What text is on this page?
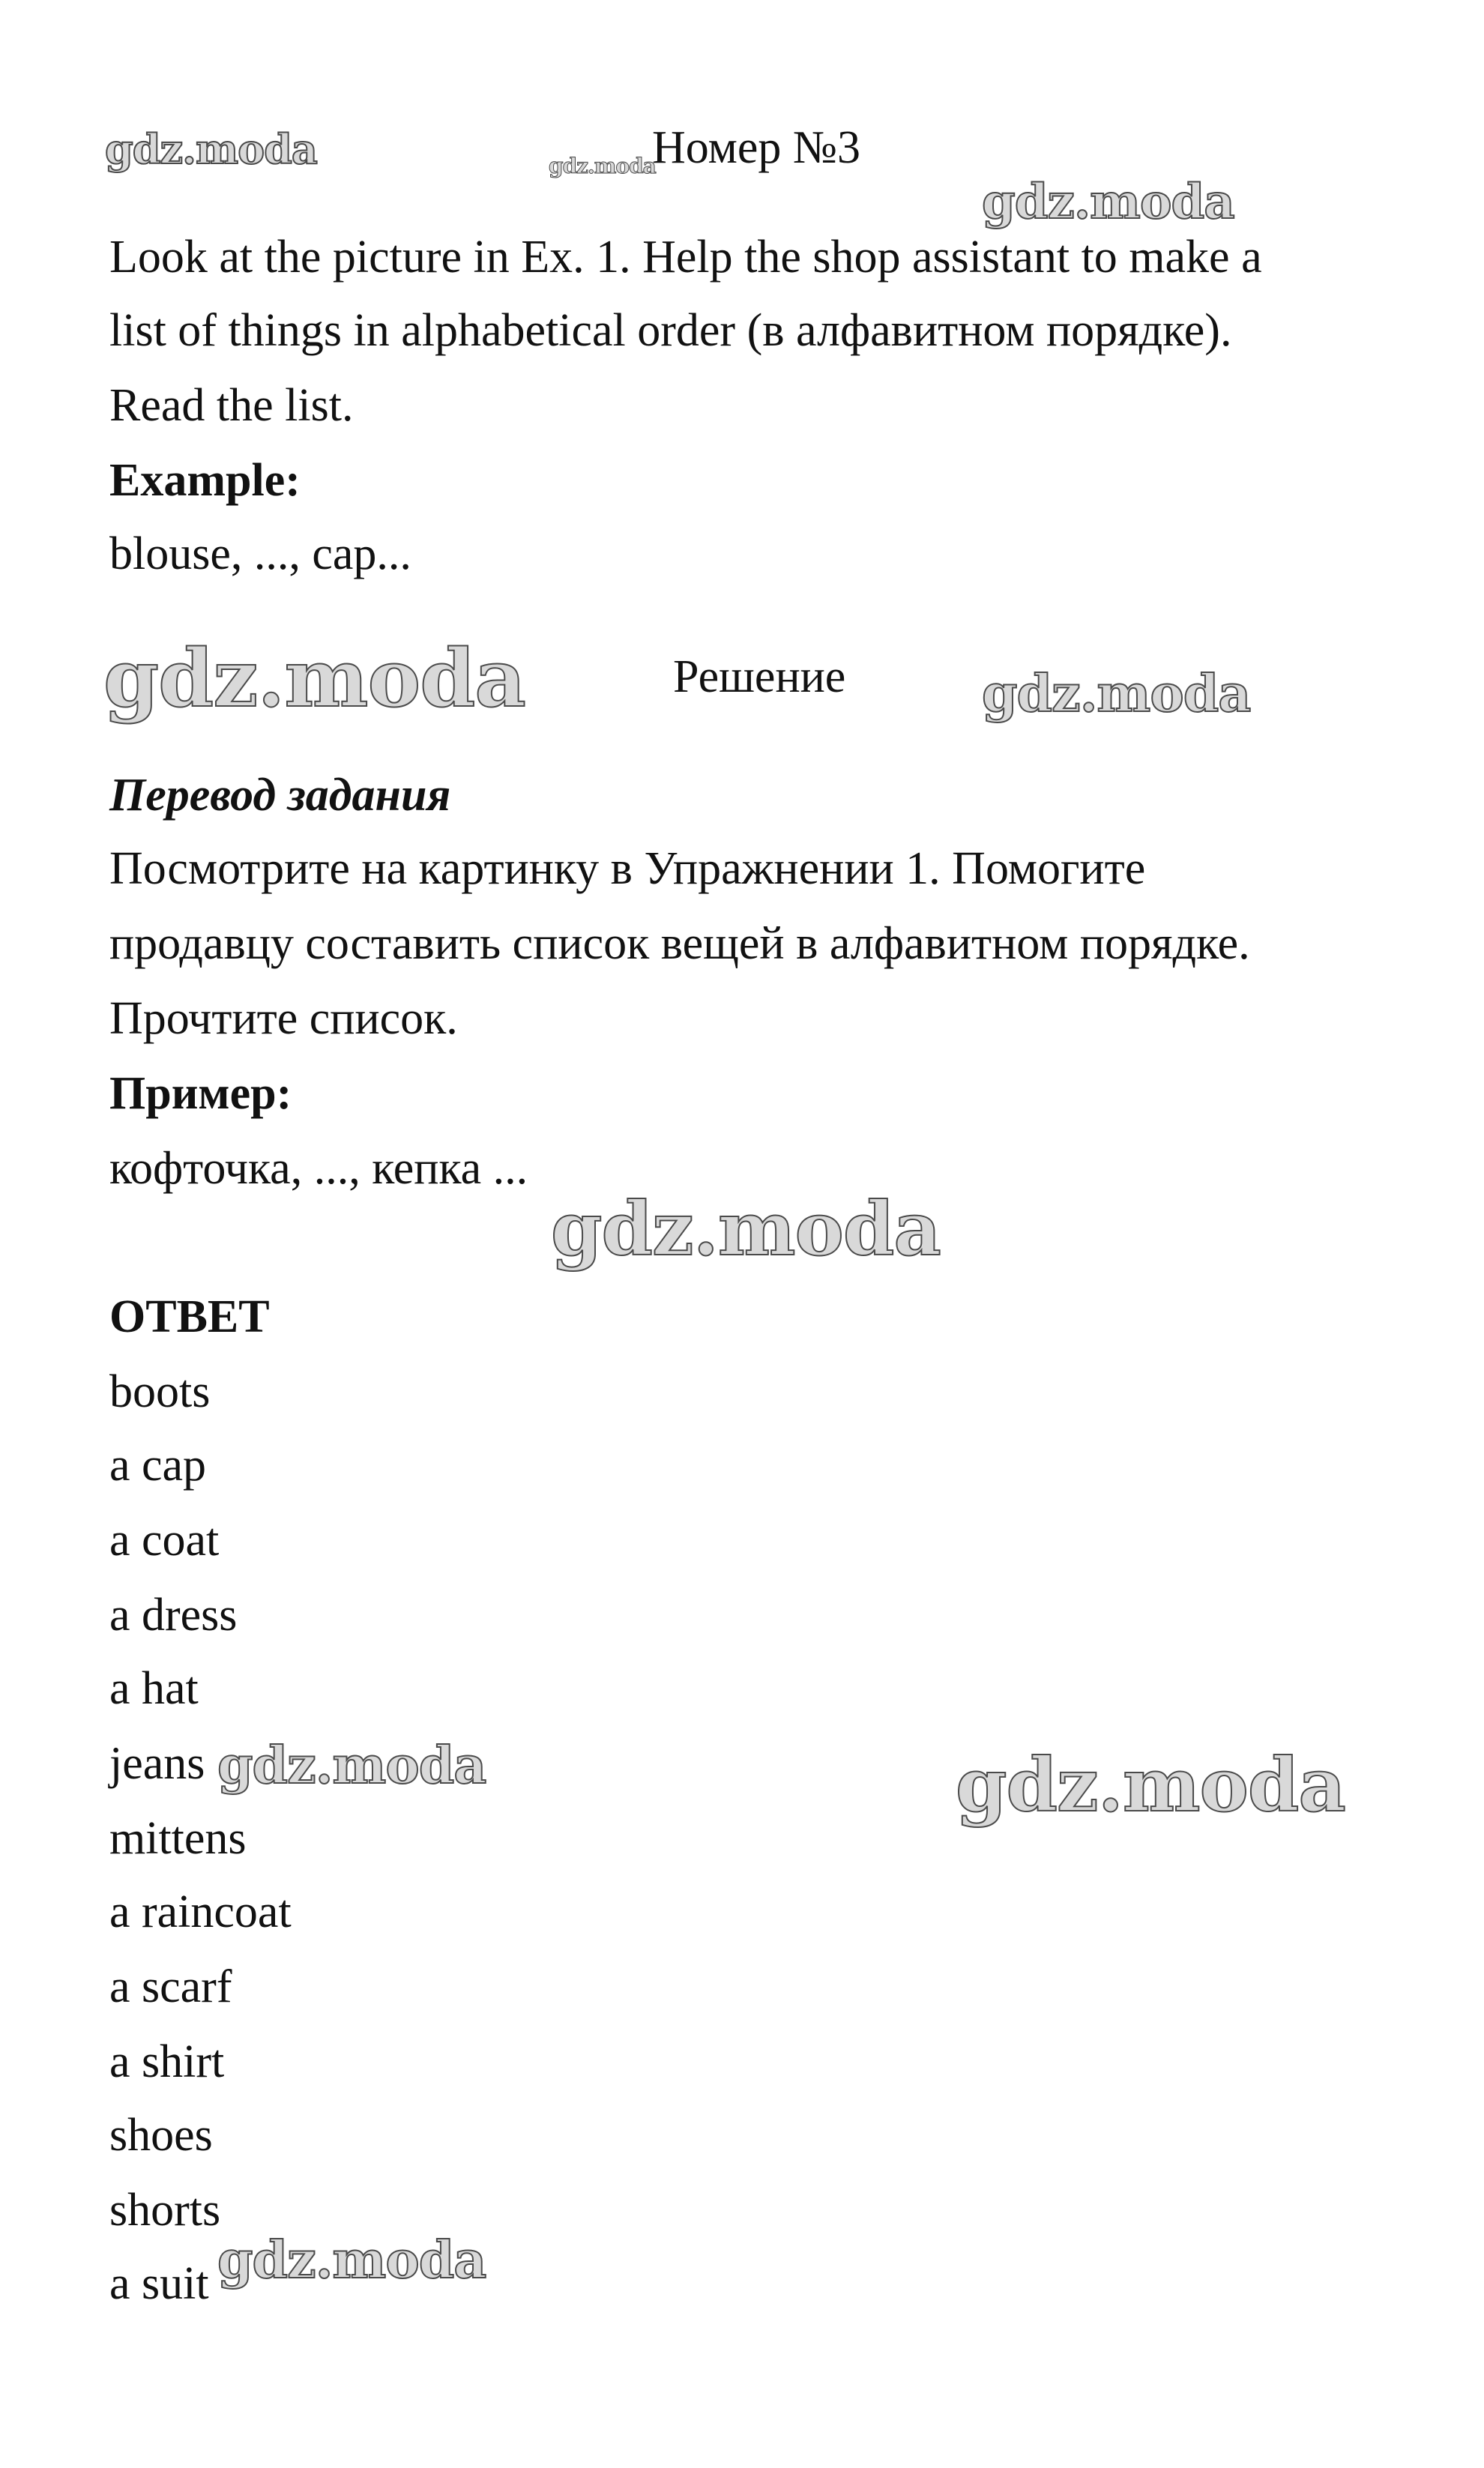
Номер №3
Look at the picture in Ex. 1. Help the shop assistant to make a
list of things in alphabetical order (в алфавитном порядке).
Read the list.
Example:
blouse, ..., cap...
Решение
Перевод задания
Посмотрите на картинку в Упражнении 1. Помогите
продавцу составить список вещей в алфавитном порядке.
Прочтите список.
Пример:
кофточка, ..., кепка ...
ОТВЕТ
boots
a cap
a coat
a dress
a hat
jeans
mittens
a raincoat
a scarf
a shirt
shoes
shorts
a suit
gdz.moda	gdz.moda
gdz.moda
gdz.moda	gdz.moda
gdz.moda
gdz.moda	gdz.moda
gdz.moda
